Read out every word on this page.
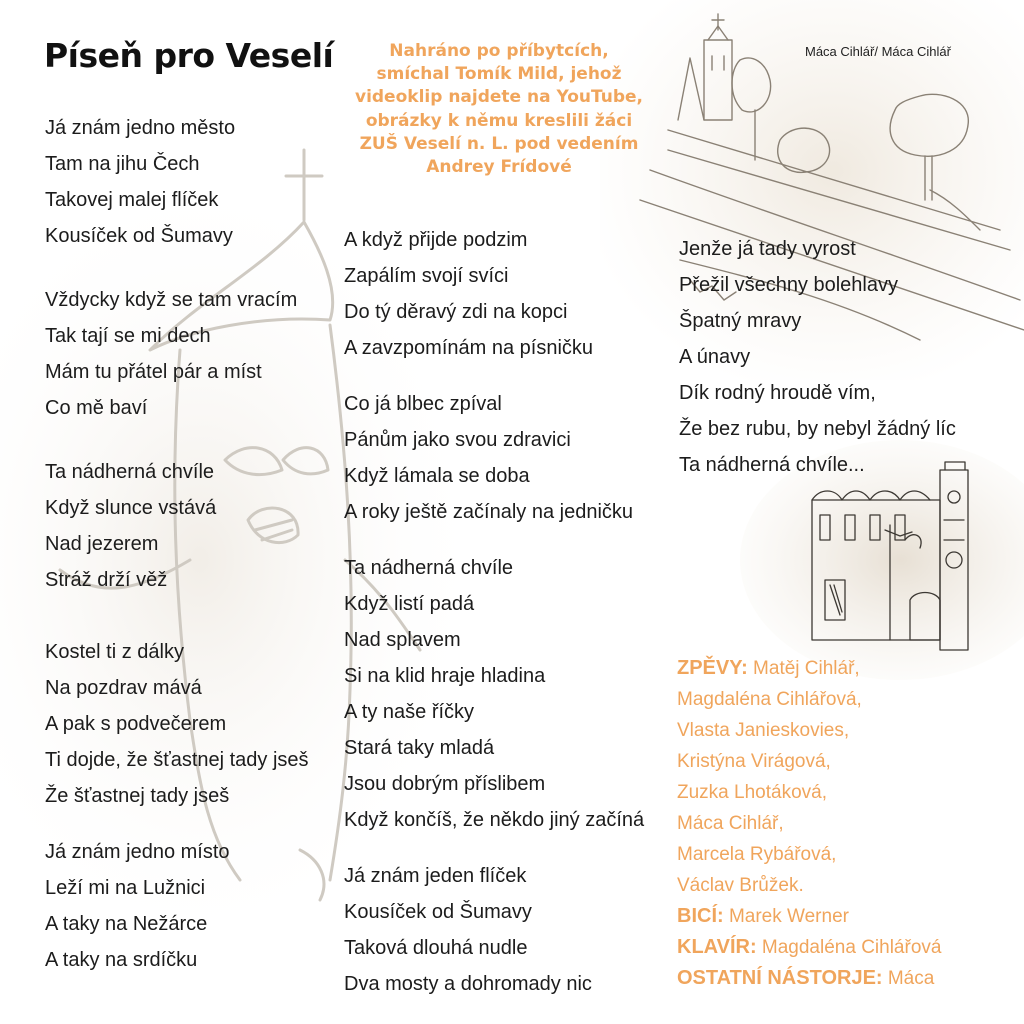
Píseň pro Veselí	Máca Cihlář/ Máca Cihlář
Nahráno po příbytcích,
smíchal Tomík Mild, jehož
videoklip najdete na YouTube,
obrázky k němu kreslili žáci
ZUŠ Veselí n. L. pod vedením
Andrey Frídové
Já znám jedno město
Tam na jihu Čech
Takovej malej flíček
Kousíček od Šumavy
Vždycky když se tam vracím
Tak tají se mi dech
Mám tu přátel pár a míst
Co mě baví
Ta nádherná chvíle
Když slunce vstává
Nad jezerem
Stráž drží věž
Kostel ti z dálky
Na pozdrav mává
A pak s podvečerem
Ti dojde, že šťastnej tady jseš
Že šťastnej tady jseš
Já znám jedno místo
Leží mi na Lužnici
A taky na Nežárce
A taky na srdíčku
A když přijde podzim
Zapálím svojí svíci
Do tý děravý zdi na kopci
A zavzpomínám na písničku
Co já blbec zpíval
Pánům jako svou zdravici
Když lámala se doba
A roky ještě začínaly na jedničku
Ta nádherná chvíle
Když listí padá
Nad splavem
Si na klid hraje hladina
A ty naše říčky
Stará taky mladá
Jsou dobrým příslibem
Když končíš, že někdo jiný začíná
Já znám jeden flíček
Kousíček od Šumavy
Taková dlouhá nudle
Dva mosty a dohromady nic
Jenže já tady vyrost
Přežil všechny bolehlavy
Špatný mravy
A únavy
Dík rodný hroudě vím,
Že bez rubu, by nebyl žádný líc
Ta nádherná chvíle...
ZPĚVY: Matěj Cihlář,
Magdaléna Cihlářová,
Vlasta Janieskovies,
Kristýna Virágová,
Zuzka Lhotáková,
Máca Cihlář,
Marcela Rybářová,
Václav Brůžek.
BICÍ: Marek Werner
KLAVÍR: Magdaléna Cihlářová
OSTATNÍ NÁSTORJE: Máca
